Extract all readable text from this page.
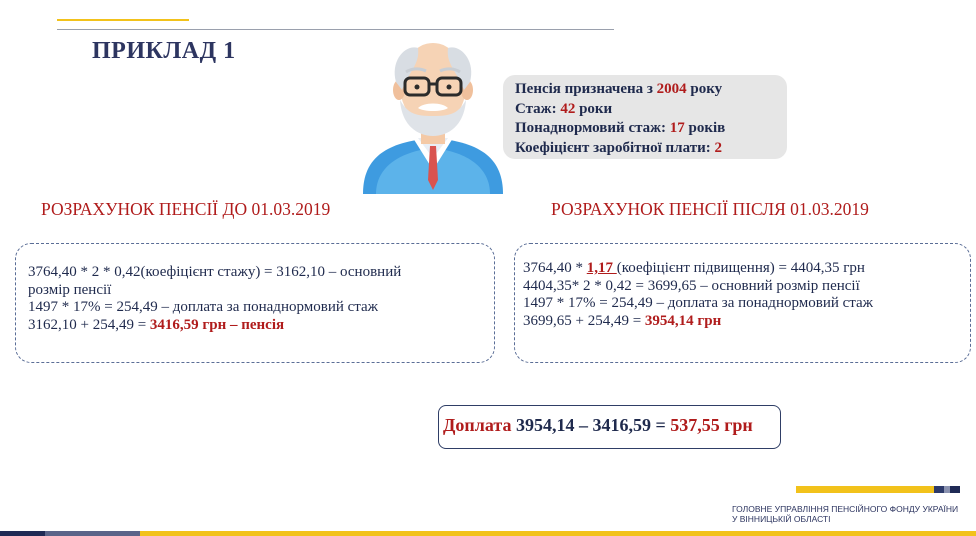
ПРИКЛАД 1
Пенсія призначена з 2004 року
Стаж: 42 роки
Понаднормовий стаж: 17 років
Коефіцієнт заробітної плати: 2
РОЗРАХУНОК ПЕНСІЇ ДО 01.03.2019	РОЗРАХУНОК ПЕНСІЇ ПІСЛЯ 01.03.2019
3764,40 * 2 * 0,42(коефіцієнт стажу) = 3162,10 – основний
розмір пенсії
1497 * 17% = 254,49 – доплата за понаднормовий стаж
3162,10 + 254,49 = 3416,59 грн – пенсія
3764,40 * 1,17 (коефіцієнт підвищення) = 4404,35 грн
4404,35* 2 * 0,42 = 3699,65 – основний розмір пенсії
1497 * 17% = 254,49 – доплата за понаднормовий стаж
3699,65 + 254,49 = 3954,14 грн
Доплата 3954,14 – 3416,59 = 537,55 грн
ГОЛОВНЕ УПРАВЛІННЯ ПЕНСІЙНОГО ФОНДУ УКРАЇНИ
У ВІННИЦЬКІЙ ОБЛАСТІ
